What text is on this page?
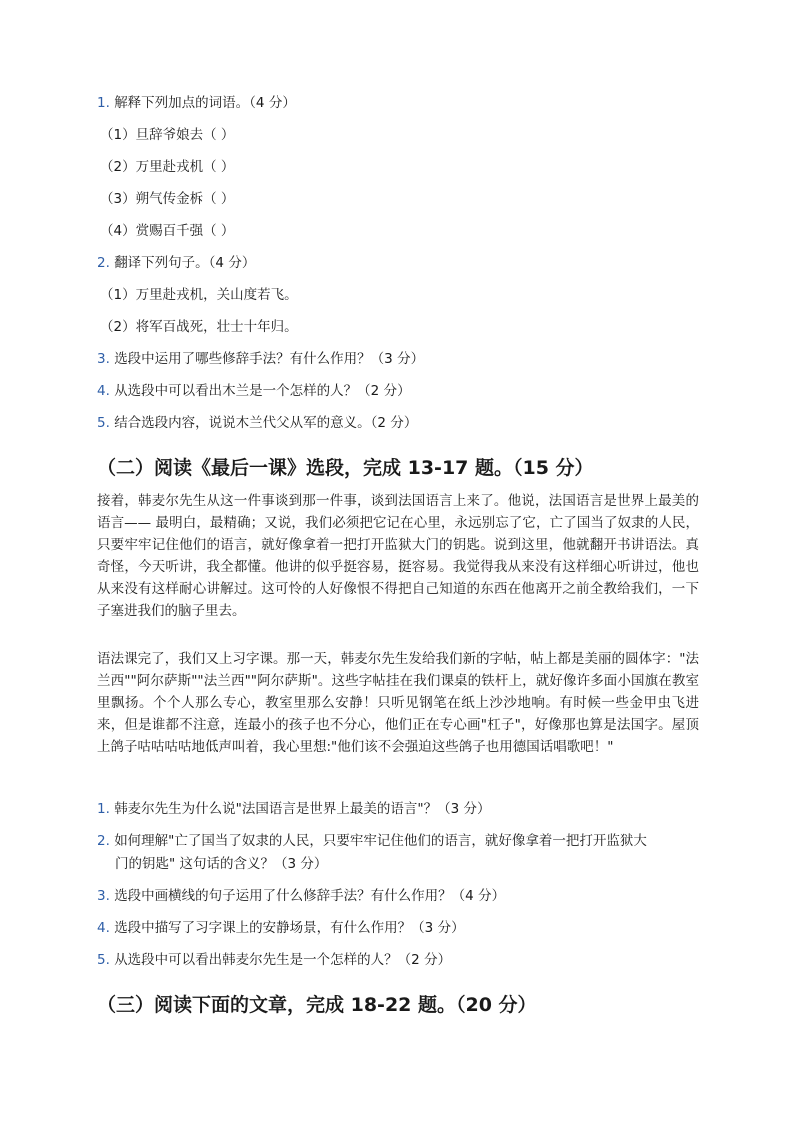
1. 解释下列加点的词语。（4 分）
（1）旦辞爷娘去（ ）
（2）万里赴戎机（ ）
（3）朔气传金柝（ ）
（4）赏赐百千强（ ）
2. 翻译下列句子。（4 分）
（1）万里赴戎机，关山度若飞。
（2）将军百战死，壮士十年归。
3. 选段中运用了哪些修辞手法？有什么作用？（3 分）
4. 从选段中可以看出木兰是一个怎样的人？（2 分）
5. 结合选段内容，说说木兰代父从军的意义。（2 分）
（二）阅读《最后一课》选段，完成 13-17 题。（15 分）
接着，韩麦尔先生从这一件事谈到那一件事，谈到法国语言上来了。他说，法国语言是世界上最美的语言—— 最明白，最精确；又说，我们必须把它记在心里，永远别忘了它，亡了国当了奴隶的人民，只要牢牢记住他们的语言，就好像拿着一把打开监狱大门的钥匙。说到这里，他就翻开书讲语法。真奇怪，今天听讲，我全都懂。他讲的似乎挺容易，挺容易。我觉得我从来没有这样细心听讲过，他也从来没有这样耐心讲解过。这可怜的人好像恨不得把自己知道的东西在他离开之前全教给我们，一下子塞进我们的脑子里去。
语法课完了，我们又上习字课。那一天，韩麦尔先生发给我们新的字帖，帖上都是美丽的圆体字："法兰西""阿尔萨斯""法兰西""阿尔萨斯"。这些字帖挂在我们课桌的铁杆上，就好像许多面小国旗在教室里飘扬。个个人那么专心，教室里那么安静！只听见钢笔在纸上沙沙地响。有时候一些金甲虫飞进来，但是谁都不注意，连最小的孩子也不分心，他们正在专心画"杠子"，好像那也算是法国字。屋顶上鸽子咕咕咕咕地低声叫着，我心里想:"他们该不会强迫这些鸽子也用德国话唱歌吧！"
1. 韩麦尔先生为什么说"法国语言是世界上最美的语言"？（3 分）
2. 如何理解"亡了国当了奴隶的人民，只要牢牢记住他们的语言，就好像拿着一把打开监狱大
门的钥匙" 这句话的含义？（3 分）
3. 选段中画横线的句子运用了什么修辞手法？有什么作用？（4 分）
4. 选段中描写了习字课上的安静场景，有什么作用？（3 分）
5. 从选段中可以看出韩麦尔先生是一个怎样的人？（2 分）
（三）阅读下面的文章，完成 18-22 题。（20 分）
